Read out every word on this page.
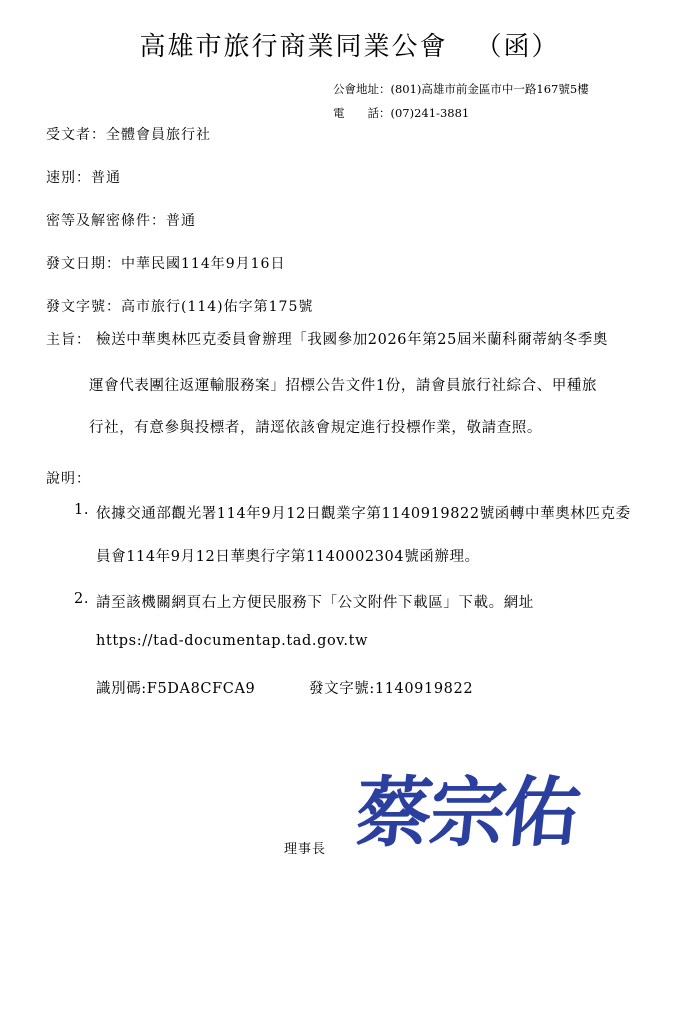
高雄市旅行商業同業公會 （函）
公會地址：(801)高雄市前金區市中一路167號5樓
電　　話：(07)241-3881
受文者：全體會員旅行社
速別：普通
密等及解密條件：普通
發文日期：中華民國114年9月16日
發文字號：高市旅行(114)佑字第175號
主旨： 檢送中華奧林匹克委員會辦理「我國參加2026年第25屆米蘭科爾蒂納冬季奧
運會代表團往返運輸服務案」招標公告文件1份，請會員旅行社綜合、甲種旅
行社，有意參與投標者，請逕依該會規定進行投標作業，敬請查照。
說明：
1. 依據交通部觀光署114年9月12日觀業字第1140919822號函轉中華奧林匹克委
員會114年9月12日華奧行字第1140002304號函辦理。
2. 請至該機關網頁右上方便民服務下「公文附件下載區」下載。網址
https://tad-documentap.tad.gov.tw
識別碼:F5DA8CFCA9	發文字號:1140919822
理事長 蔡宗佑
